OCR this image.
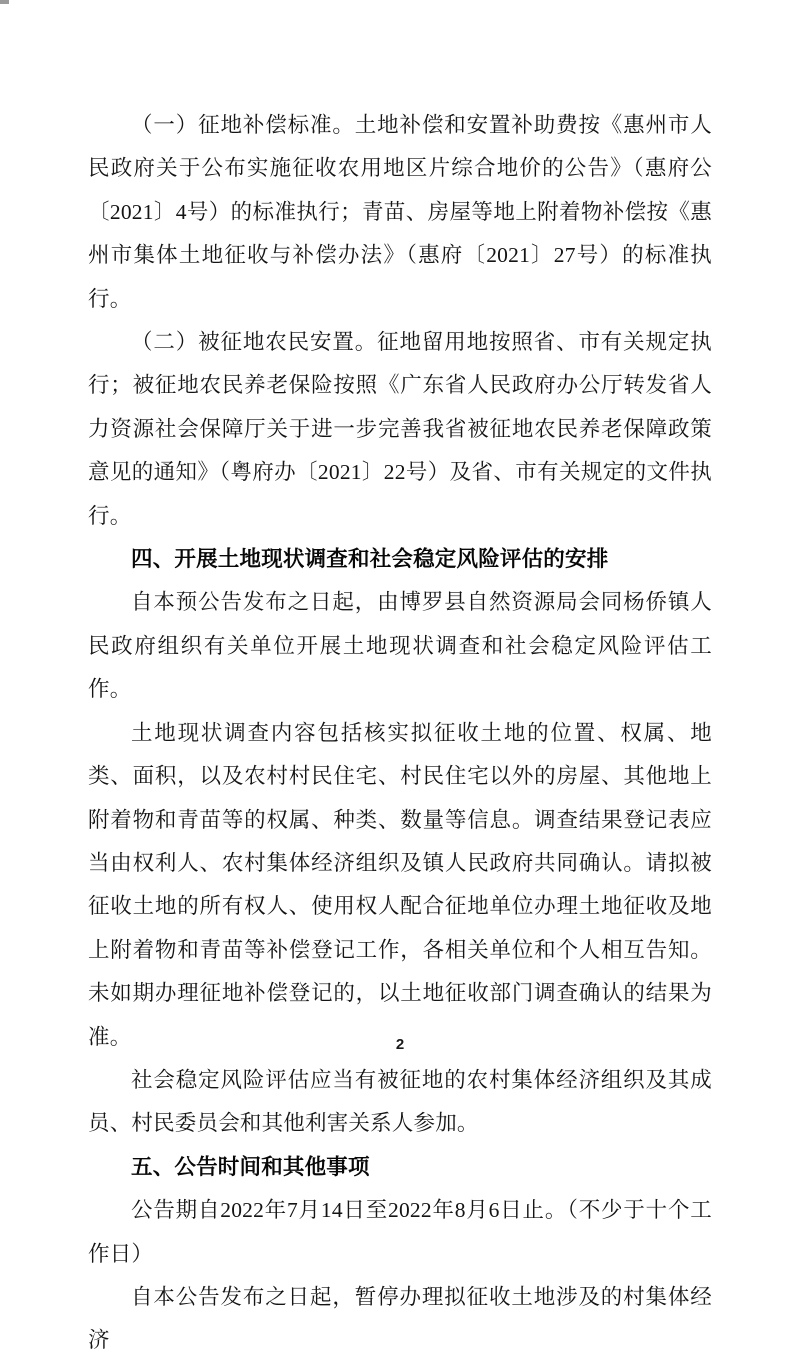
（一）征地补偿标准。土地补偿和安置补助费按《惠州市人民政府关于公布实施征收农用地区片综合地价的公告》（惠府公〔2021〕4号）的标准执行；青苗、房屋等地上附着物补偿按《惠州市集体土地征收与补偿办法》（惠府〔2021〕27号）的标准执行。

（二）被征地农民安置。征地留用地按照省、市有关规定执行；被征地农民养老保险按照《广东省人民政府办公厅转发省人力资源社会保障厅关于进一步完善我省被征地农民养老保障政策意见的通知》（粤府办〔2021〕22号）及省、市有关规定的文件执行。

四、开展土地现状调查和社会稳定风险评估的安排

自本预公告发布之日起，由博罗县自然资源局会同杨侨镇人民政府组织有关单位开展土地现状调查和社会稳定风险评估工作。

土地现状调查内容包括核实拟征收土地的位置、权属、地类、面积，以及农村村民住宅、村民住宅以外的房屋、其他地上附着物和青苗等的权属、种类、数量等信息。调查结果登记表应当由权利人、农村集体经济组织及镇人民政府共同确认。请拟被征收土地的所有权人、使用权人配合征地单位办理土地征收及地上附着物和青苗等补偿登记工作，各相关单位和个人相互告知。未如期办理征地补偿登记的，以土地征收部门调查确认的结果为准。

社会稳定风险评估应当有被征地的农村集体经济组织及其成员、村民委员会和其他利害关系人参加。

五、公告时间和其他事项

公告期自2022年7月14日至2022年8月6日止。（不少于十个工作日）

自本公告发布之日起，暂停办理拟征收土地涉及的村集体经济

2
